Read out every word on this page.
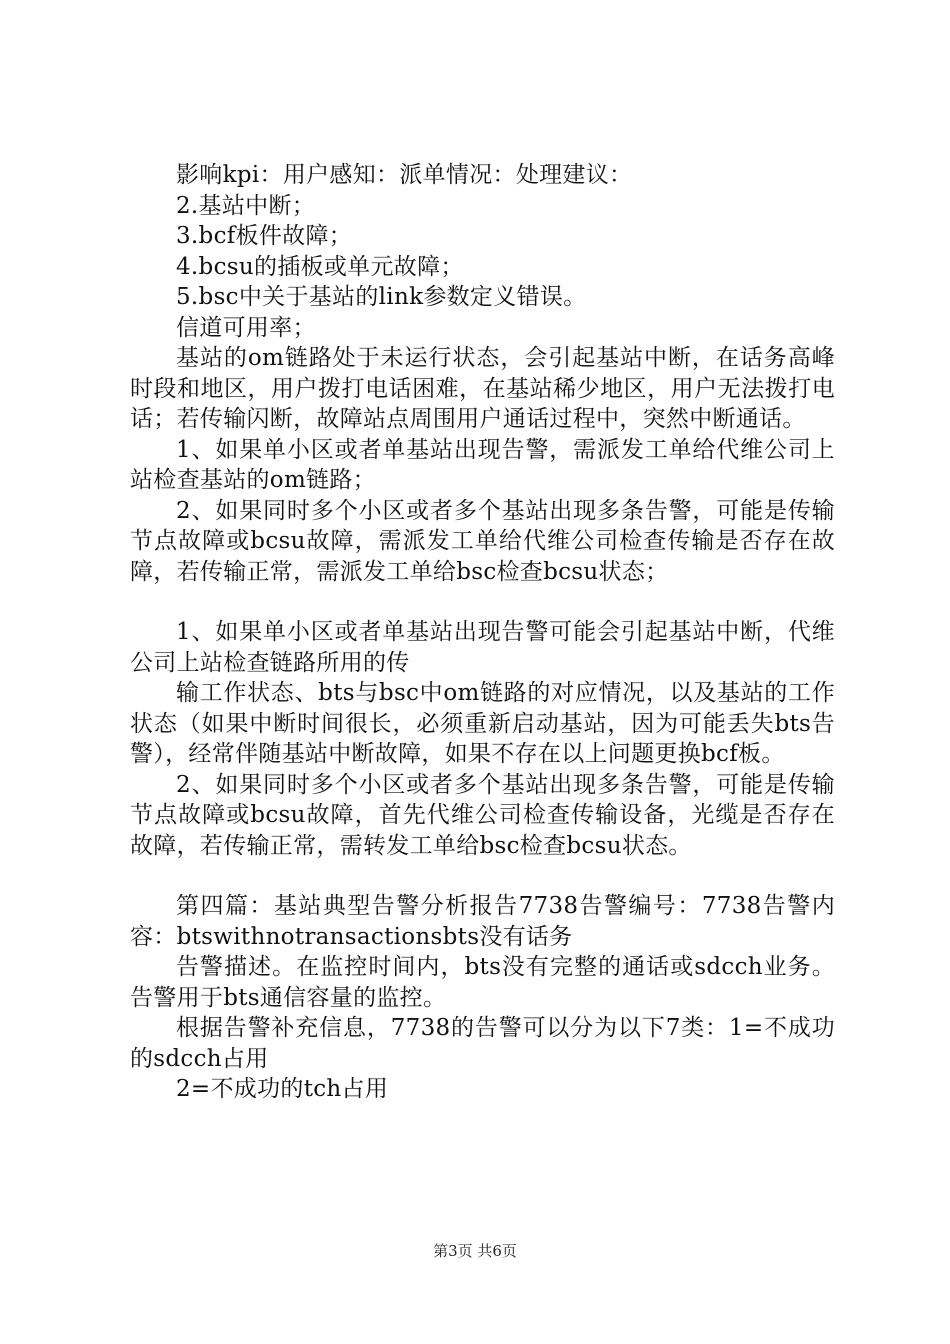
影响kpi：用户感知：派单情况：处理建议：

2.基站中断；

3.bcf板件故障；

4.bcsu的插板或单元故障；

5.bsc中关于基站的link参数定义错误。

信道可用率；

基站的om链路处于未运行状态，会引起基站中断，在话务高峰时段和地区，用户拨打电话困难，在基站稀少地区，用户无法拨打电话；若传输闪断，故障站点周围用户通话过程中，突然中断通话。

1、如果单小区或者单基站出现告警，需派发工单给代维公司上站检查基站的om链路；

2、如果同时多个小区或者多个基站出现多条告警，可能是传输节点故障或bcsu故障，需派发工单给代维公司检查传输是否存在故障，若传输正常，需派发工单给bsc检查bcsu状态；

1、如果单小区或者单基站出现告警可能会引起基站中断，代维公司上站检查链路所用的传

输工作状态、bts与bsc中om链路的对应情况，以及基站的工作状态（如果中断时间很长，必须重新启动基站，因为可能丢失bts告警），经常伴随基站中断故障，如果不存在以上问题更换bcf板。

2、如果同时多个小区或者多个基站出现多条告警，可能是传输节点故障或bcsu故障，首先代维公司检查传输设备，光缆是否存在故障，若传输正常，需转发工单给bsc检查bcsu状态。

第四篇：基站典型告警分析报告7738告警编号：7738告警内容：btswithnotransactionsbts没有话务

告警描述。在监控时间内，bts没有完整的通话或sdcch业务。告警用于bts通信容量的监控。

根据告警补充信息，7738的告警可以分为以下7类：1=不成功的sdcch占用

2=不成功的tch占用

第3页 共6页
